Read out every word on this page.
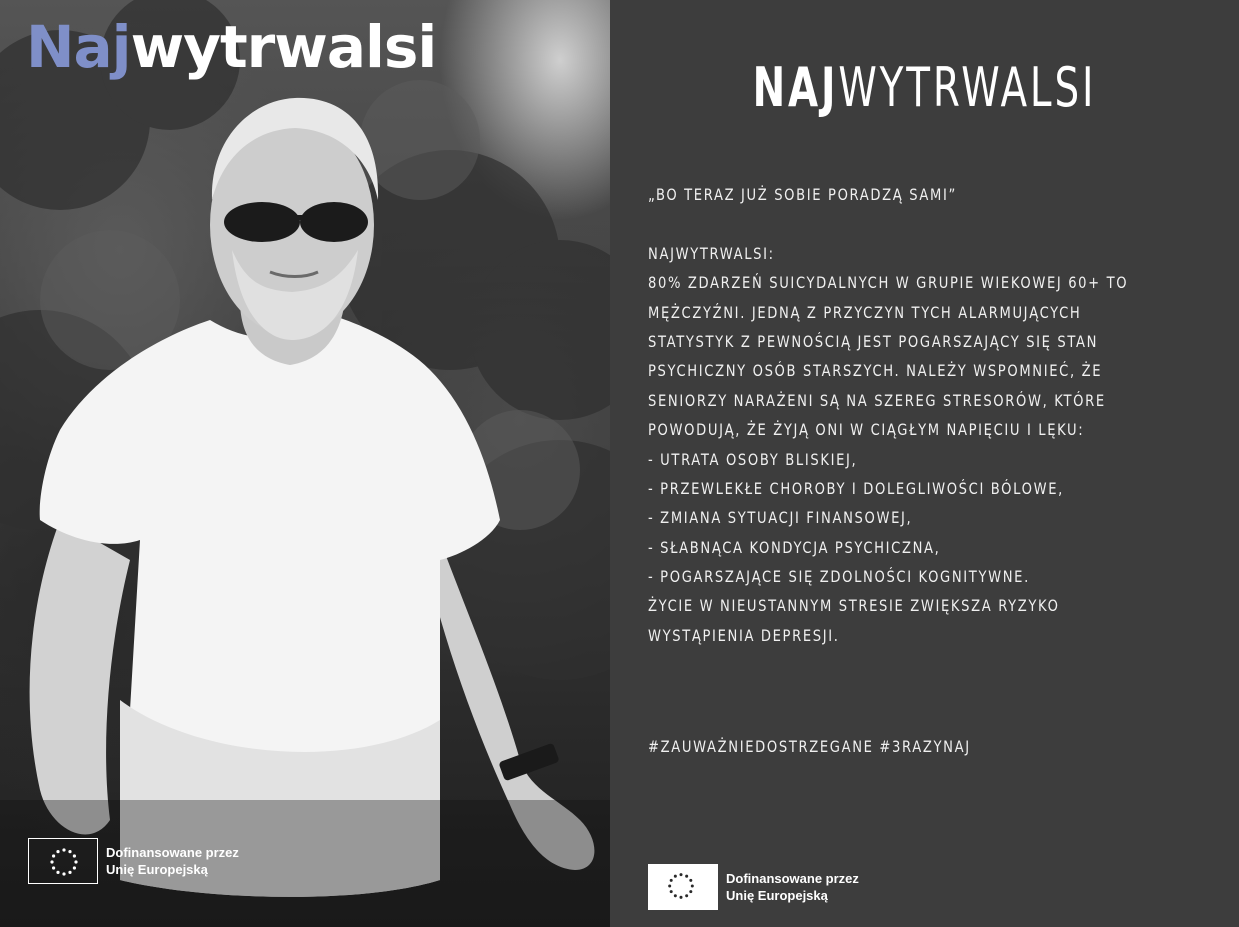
Najwytrwalsi
Dofinansowane przez
Unię Europejską
NAJWYTRWALSI
„BO TERAZ JUŻ SOBIE PORADZĄ SAMI”
NAJWYTRWALSI:
80% ZDARZEŃ SUICYDALNYCH W GRUPIE WIEKOWEJ 60+ TO
MĘŻCZYŹNI. JEDNĄ Z PRZYCZYN TYCH ALARMUJĄCYCH
STATYSTYK Z PEWNOŚCIĄ JEST POGARSZAJĄCY SIĘ STAN
PSYCHICZNY OSÓB STARSZYCH. NALEŻY WSPOMNIEĆ, ŻE
SENIORZY NARAŻENI SĄ NA SZEREG STRESORÓW, KTÓRE
POWODUJĄ, ŻE ŻYJĄ ONI W CIĄGŁYM NAPIĘCIU I LĘKU:
- UTRATA OSOBY BLISKIEJ,
- PRZEWLEKŁE CHOROBY I DOLEGLIWOŚCI BÓLOWE,
- ZMIANA SYTUACJI FINANSOWEJ,
- SŁABNĄCA KONDYCJA PSYCHICZNA,
- POGARSZAJĄCE SIĘ ZDOLNOŚCI KOGNITYWNE.
ŻYCIE W NIEUSTANNYM STRESIE ZWIĘKSZA RYZYKO
WYSTĄPIENIA DEPRESJI.
#ZAUWAŻNIEDOSTRZEGANE #3RAZYNAJ
Dofinansowane przez
Unię Europejską
